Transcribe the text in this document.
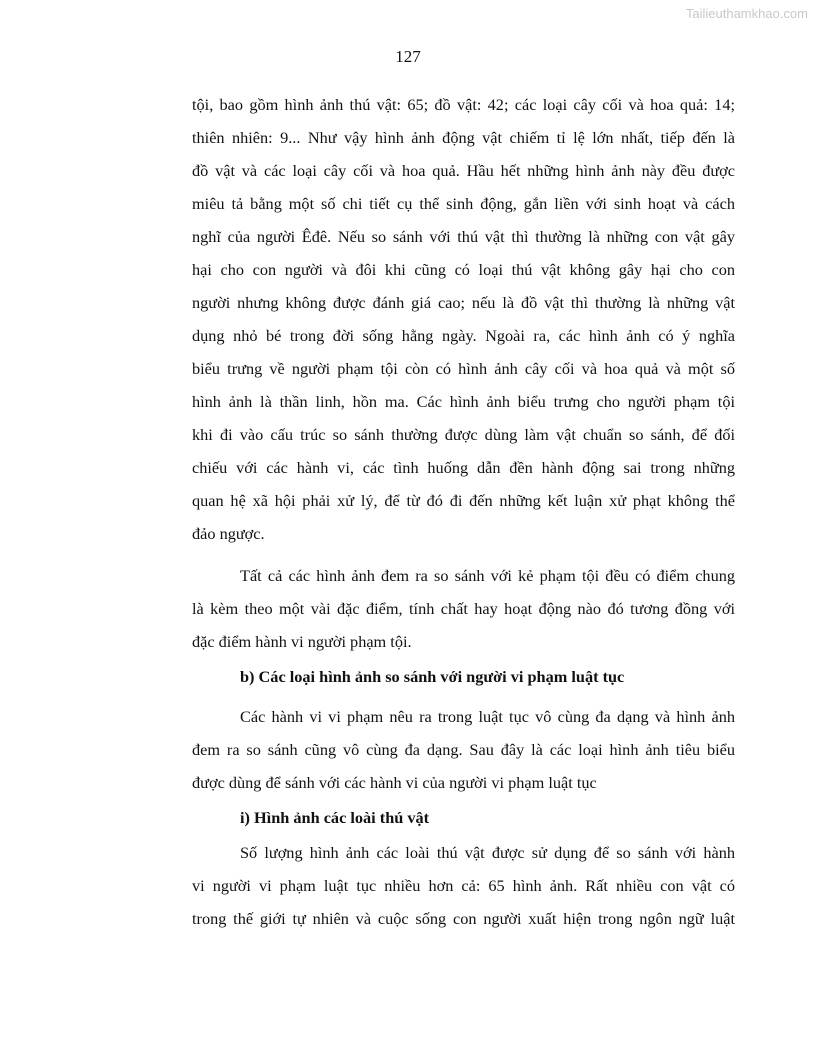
Tailieuthamkhao.com
127
tội, bao gồm hình ảnh thú vật: 65; đồ vật: 42; các loại cây cối và hoa quả: 14;
thiên nhiên: 9... Như vậy hình ảnh động vật chiếm tỉ lệ lớn nhất, tiếp đến là
đồ vật và các loại cây cối và hoa quả. Hầu hết những hình ảnh này đều được
miêu tả bằng một số chi tiết cụ thể sinh động, gắn liền với sinh hoạt và cách
nghĩ của người Êđê. Nếu so sánh với thú vật thì thường là những con vật gây
hại cho con người và đôi khi cũng có loại thú vật không gây hại cho con
người nhưng không được đánh giá cao; nếu là đồ vật thì thường là những vật
dụng nhỏ bé trong đời sống hằng ngày. Ngoài ra, các hình ảnh có ý nghĩa
biểu trưng về người phạm tội còn có hình ảnh cây cối và hoa quả và một số
hình ảnh là thần linh, hồn ma. Các hình ảnh biểu trưng cho người phạm tội
khi đi vào cấu trúc so sánh thường được dùng làm vật chuẩn so sánh, để đối
chiếu với các hành vi, các tình huống dẫn đền hành động sai trong những
quan hệ xã hội phải xử lý, để từ đó đi đến những kết luận xử phạt không thể
đảo ngược.
Tất cả các hình ảnh đem ra so sánh với kẻ phạm tội đều có điểm chung
là kèm theo một vài đặc điểm, tính chất hay hoạt động nào đó tương đồng với
đặc điểm hành vi người phạm tội.
b) Các loại hình ảnh so sánh với người vi phạm luật tục
Các hành vi vi phạm nêu ra trong luật tục vô cùng đa dạng và hình ảnh
đem ra so sánh cũng vô cùng đa dạng. Sau đây là các loại hình ảnh tiêu biểu
được dùng để sánh với các hành vi của người vi phạm luật tục
i) Hình ảnh các loài thú vật
Số lượng hình ảnh các loài thú vật được sử dụng để so sánh với hành
vi người vi phạm luật tục nhiều hơn cả: 65 hình ảnh. Rất nhiều con vật có
trong thế giới tự nhiên và cuộc sống con người xuất hiện trong ngôn ngữ luật
